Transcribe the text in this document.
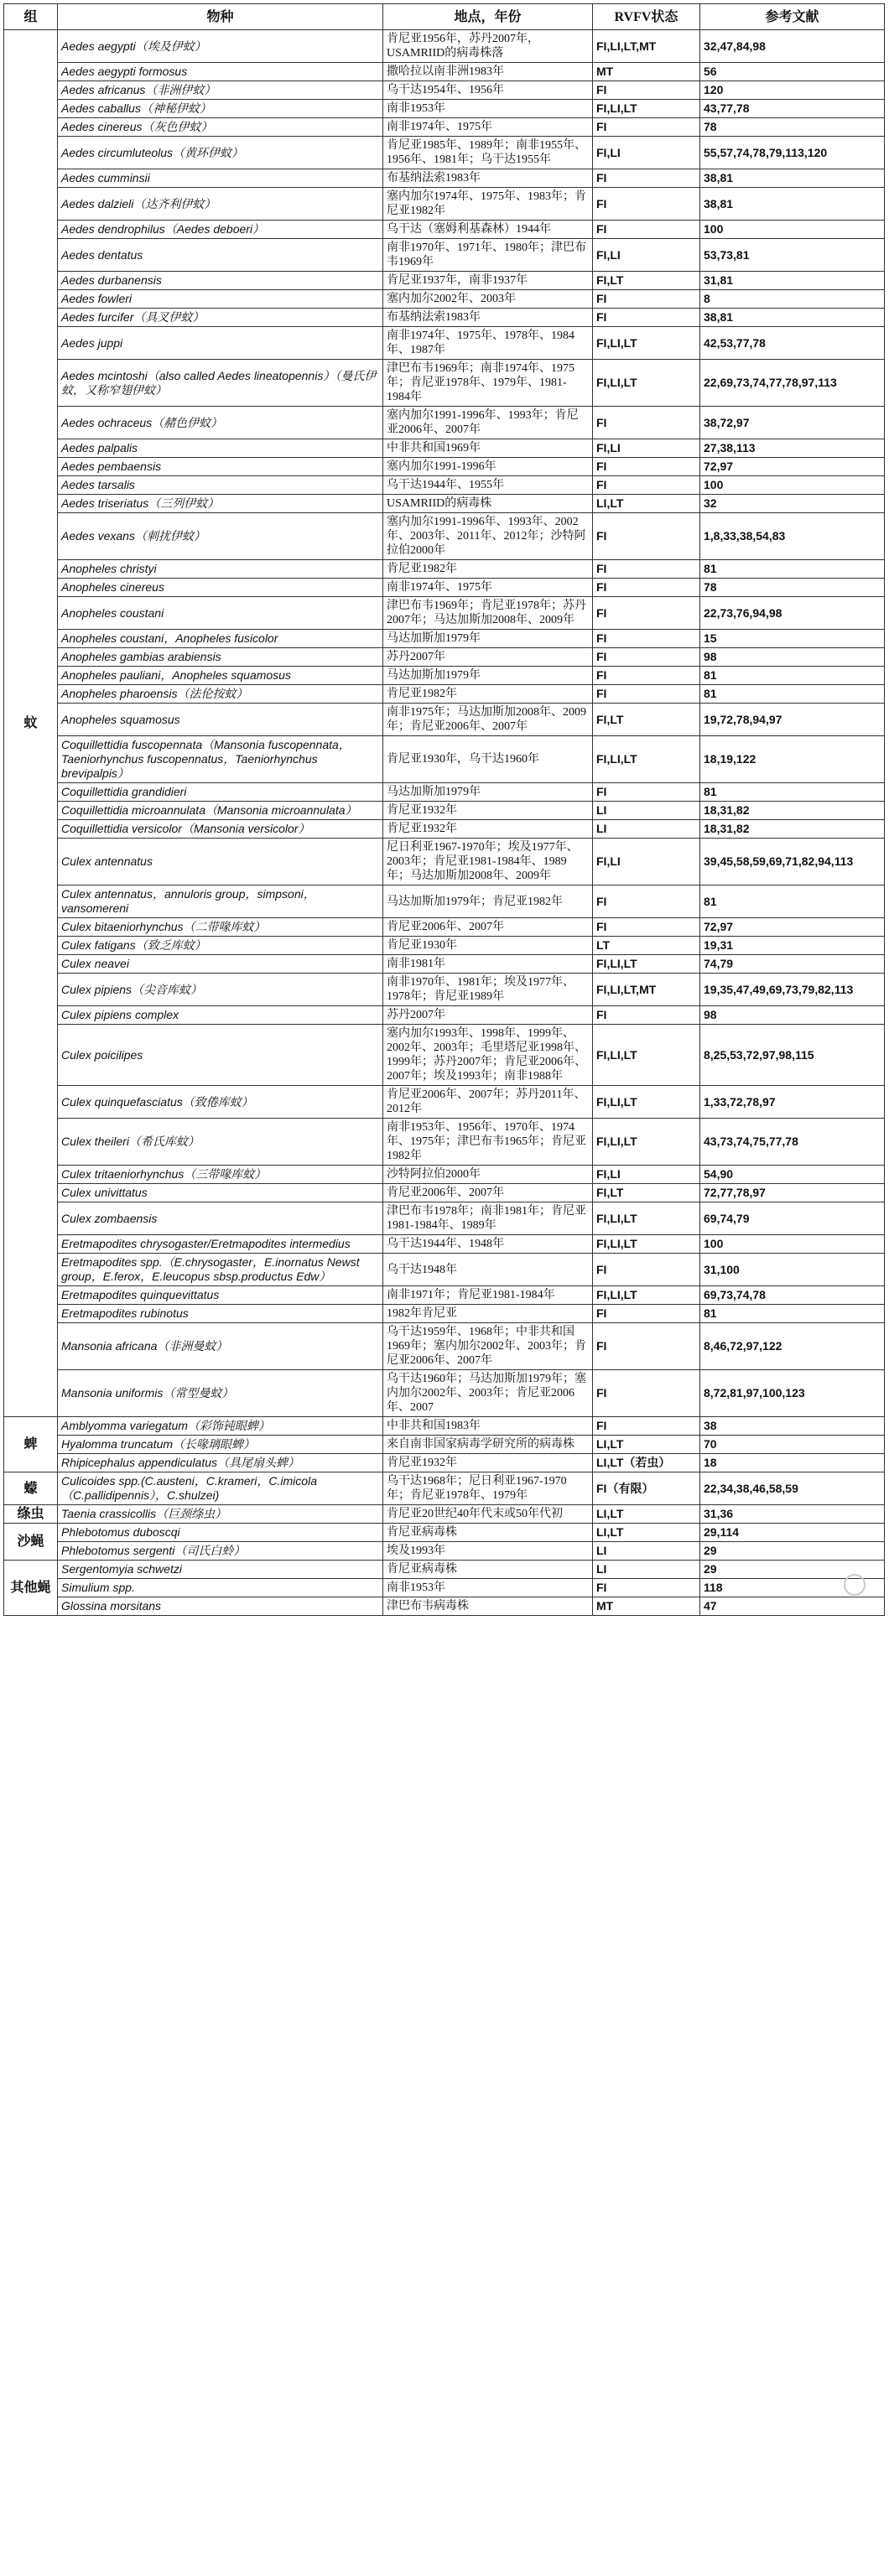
组	物种	地点，年份	RVFV状态	参考文献
蚊	Aedes aegypti（埃及伊蚊）	肯尼亚1956年，苏丹2007年，USAMRIID的病毒株落	FI,LI,LT,MT	32,47,84,98
	Aedes aegypti formosus	撒哈拉以南非洲1983年	MT	56
	Aedes africanus（非洲伊蚊）	乌干达1954年、1956年	FI	120
	Aedes caballus（神秘伊蚊）	南非1953年	FI,LI,LT	43,77,78
	Aedes cinereus（灰色伊蚊）	南非1974年、1975年	FI	78
	Aedes circumluteolus（黄环伊蚊）	肯尼亚1985年、1989年；南非1955年、1956年、1981年；乌干达1955年	FI,LI	55,57,74,78,79,113,120
	Aedes cumminsii	布基纳法索1983年	FI	38,81
	Aedes dalzieli（达齐利伊蚊）	塞内加尔1974年、1975年、1983年；肯尼亚1982年	FI	38,81
	Aedes dendrophilus（Aedes deboeri）	乌干达（塞姆利基森林）1944年	FI	100
	Aedes dentatus	南非1970年、1971年、1980年；津巴布韦1969年	FI,LI	53,73,81
	Aedes durbanensis	肯尼亚1937年，南非1937年	FI,LT	31,81
	Aedes fowleri	塞内加尔2002年、2003年	FI	8
	Aedes furcifer（具叉伊蚊）	布基纳法索1983年	FI	38,81
	Aedes juppi	南非1974年、1975年、1978年、1984年、1987年	FI,LI,LT	42,53,77,78
	Aedes mcintoshi（also called Aedes lineatopennis）（曼氏伊蚊，又称窄翅伊蚊）	津巴布韦1969年；南非1974年、1975年；肯尼亚1978年、1979年、1981-1984年	FI,LI,LT	22,69,73,74,77,78,97,113
	Aedes ochraceus（赭色伊蚊）	塞内加尔1991-1996年、1993年；肯尼亚2006年、2007年	FI	38,72,97
	Aedes palpalis	中非共和国1969年	FI,LI	27,38,113
	Aedes pembaensis	塞内加尔1991-1996年	FI	72,97
	Aedes tarsalis	乌干达1944年、1955年	FI	100
	Aedes triseriatus（三列伊蚊）	USAMRIID的病毒株	LI,LT	32
	Aedes vexans（刺扰伊蚊）	塞内加尔1991-1996年、1993年、2002年、2003年、2011年、2012年；沙特阿拉伯2000年	FI	1,8,33,38,54,83
	Anopheles christyi	肯尼亚1982年	FI	81
	Anopheles cinereus	南非1974年、1975年	FI	78
	Anopheles coustani	津巴布韦1969年；肯尼亚1978年；苏丹2007年；马达加斯加2008年、2009年	FI	22,73,76,94,98
	Anopheles coustani，Anopheles fusicolor	马达加斯加1979年	FI	15
	Anopheles gambias arabiensis	苏丹2007年	FI	98
	Anopheles pauliani，Anopheles squamosus	马达加斯加1979年	FI	81
	Anopheles pharoensis（法伦按蚊）	肯尼亚1982年	FI	81
	Anopheles squamosus	南非1975年；马达加斯加2008年、2009年；肯尼亚2006年、2007年	FI,LT	19,72,78,94,97
	Coquillettidia fuscopennata（Mansonia fuscopennata，Taeniorhynchus fuscopennatus，Taeniorhynchus brevipalpis）	肯尼亚1930年，乌干达1960年	FI,LI,LT	18,19,122
	Coquillettidia grandidieri	马达加斯加1979年	FI	81
	Coquillettidia microannulata（Mansonia microannulata）	肯尼亚1932年	LI	18,31,82
	Coquillettidia versicolor（Mansonia versicolor）	肯尼亚1932年	LI	18,31,82
	Culex antennatus	尼日利亚1967-1970年；埃及1977年、2003年；肯尼亚1981-1984年、1989年；马达加斯加2008年、2009年	FI,LI	39,45,58,59,69,71,82,94,113
	Culex antennatus，annuloris group，simpsoni，vansomereni	马达加斯加1979年；肯尼亚1982年	FI	81
	Culex bitaeniorhynchus（二带喙库蚊）	肯尼亚2006年、2007年	FI	72,97
	Culex fatigans（致乏库蚊）	肯尼亚1930年	LT	19,31
	Culex neavei	南非1981年	FI,LI,LT	74,79
	Culex pipiens（尖音库蚊）	南非1970年、1981年；埃及1977年、1978年；肯尼亚1989年	FI,LI,LT,MT	19,35,47,49,69,73,79,82,113
	Culex pipiens complex	苏丹2007年	FI	98
	Culex poicilipes	塞内加尔1993年、1998年、1999年、2002年、2003年；毛里塔尼亚1998年、1999年；苏丹2007年；肯尼亚2006年、2007年；埃及1993年；南非1988年	FI,LI,LT	8,25,53,72,97,98,115
	Culex quinquefasciatus（致倦库蚊）	肯尼亚2006年、2007年；苏丹2011年、2012年	FI,LI,LT	1,33,72,78,97
	Culex theileri（希氏库蚊）	南非1953年、1956年、1970年、1974年、1975年；津巴布韦1965年；肯尼亚1982年	FI,LI,LT	43,73,74,75,77,78
	Culex tritaeniorhynchus（三带喙库蚊）	沙特阿拉伯2000年	FI,LI	54,90
	Culex univittatus	肯尼亚2006年、2007年	FI,LT	72,77,78,97
	Culex zombaensis	津巴布韦1978年；南非1981年；肯尼亚1981-1984年、1989年	FI,LI,LT	69,74,79
	Eretmapodites chrysogaster/Eretmapodites intermedius	乌干达1944年、1948年	FI,LI,LT	100
	Eretmapodites spp.（E.chrysogaster，E.inornatus Newst group，E.ferox，E.leucopus sbsp.productus Edw）	乌干达1948年	FI	31,100
	Eretmapodites quinquevittatus	南非1971年；肯尼亚1981-1984年	FI,LI,LT	69,73,74,78
	Eretmapodites rubinotus	1982年肯尼亚	FI	81
	Mansonia africana（非洲曼蚊）	乌干达1959年、1968年；中非共和国1969年；塞内加尔2002年、2003年；肯尼亚2006年、2007年	FI	8,46,72,97,122
	Mansonia uniformis（常型曼蚊）	乌干达1960年；马达加斯加1979年；塞内加尔2002年、2003年；肯尼亚2006年、2007	FI	8,72,81,97,100,123
蜱	Amblyomma variegatum（彩饰钝眼蜱）	中非共和国1983年	FI	38
	Hyalomma truncatum（长喙璃眼蜱）	来自南非国家病毒学研究所的病毒株	LI,LT	70
	Rhipicephalus appendiculatus（具尾扇头蜱）	肯尼亚1932年	LI,LT（若虫）	18
蠓	Culicoides spp.(C.austeni，C.krameri，C.imicola（C.pallidipennis），C.shulzei)	乌干达1968年；尼日利亚1967-1970年；肯尼亚1978年、1979年	FI（有限）	22,34,38,46,58,59
绦虫	Taenia crassicollis（巨颈绦虫）	肯尼亚20世纪40年代末或50年代初	LI,LT	31,36
沙蝇	Phlebotomus duboscqi	肯尼亚病毒株	LI,LT	29,114
	Phlebotomus sergenti（司氏白蛉）	埃及1993年	LI	29
其他蝇	Sergentomyia schwetzi	肯尼亚病毒株	LI	29
	Simulium spp.	南非1953年	FI	118
	Glossina morsitans	津巴布韦病毒株	MT	47
